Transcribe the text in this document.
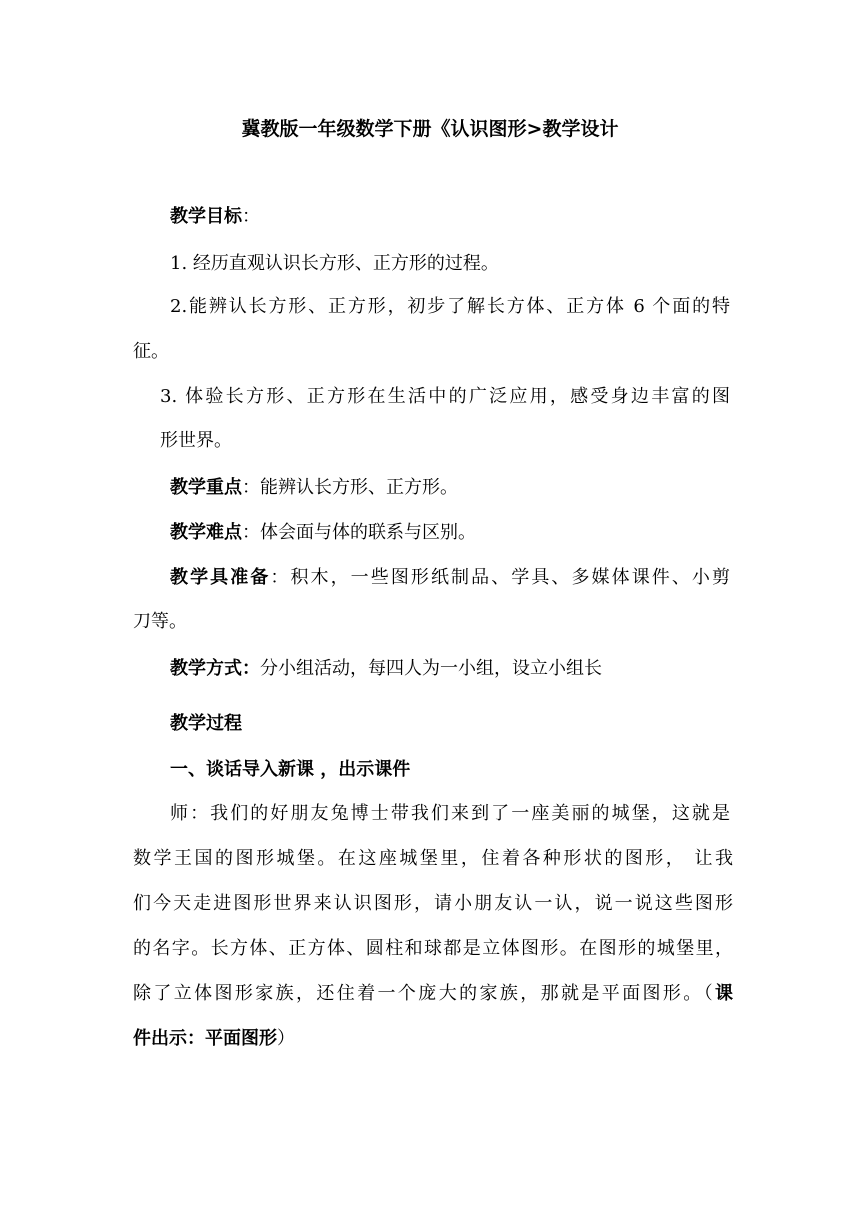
冀教版一年级数学下册《认识图形>教学设计
教学目标：
1. 经历直观认识长方形、正方形的过程。
2.能辨认长方形、正方形，初步了解长方体、正方体 6 个面的特
征。
3. 体验长方形、正方形在生活中的广泛应用，感受身边丰富的图
形世界。
教学重点：能辨认长方形、正方形。
教学难点：体会面与体的联系与区别。
教学具准备：积木，一些图形纸制品、学具、多媒体课件、小剪
刀等。
教学方式：分小组活动，每四人为一小组，设立小组长
教学过程
一、谈话导入新课 ，出示课件
师：我们的好朋友兔博士带我们来到了一座美丽的城堡，这就是
数学王国的图形城堡。在这座城堡里，住着各种形状的图形， 让我
们今天走进图形世界来认识图形，请小朋友认一认，说一说这些图形
的名字。长方体、正方体、圆柱和球都是立体图形。在图形的城堡里，
除了立体图形家族，还住着一个庞大的家族，那就是平面图形。（课
件出示：平面图形）
